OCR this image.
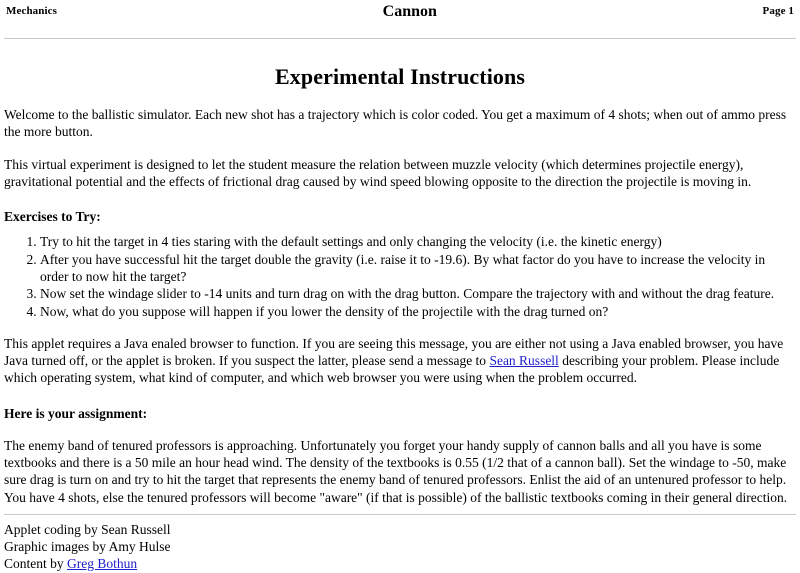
Mechanics	Cannon	Page 1
Experimental Instructions

Welcome to the ballistic simulator. Each new shot has a trajectory which is color coded. You get a maximum of 4 shots; when out of ammo press the more button.

This virtual experiment is designed to let the student measure the relation between muzzle velocity (which determines projectile energy), gravitational potential and the effects of frictional drag caused by wind speed blowing opposite to the direction the projectile is moving in.

Exercises to Try:
1. Try to hit the target in 4 ties staring with the default settings and only changing the velocity (i.e. the kinetic energy)
2. After you have successful hit the target double the gravity (i.e. raise it to -19.6). By what factor do you have to increase the velocity in order to now hit the target?
3. Now set the windage slider to -14 units and turn drag on with the drag button. Compare the trajectory with and without the drag feature.
4. Now, what do you suppose will happen if you lower the density of the projectile with the drag turned on?

This applet requires a Java enaled browser to function. If you are seeing this message, you are either not using a Java enabled browser, you have Java turned off, or the applet is broken. If you suspect the latter, please send a message to Sean Russell describing your problem. Please include which operating system, what kind of computer, and which web browser you were using when the problem occurred.

Here is your assignment:

The enemy band of tenured professors is approaching. Unfortunately you forget your handy supply of cannon balls and all you have is some textbooks and there is a 50 mile an hour head wind. The density of the textbooks is 0.55 (1/2 that of a cannon ball). Set the windage to -50, make sure drag is turn on and try to hit the target that represents the enemy band of tenured professors. Enlist the aid of an untenured professor to help. You have 4 shots, else the tenured professors will become "aware" (if that is possible) of the ballistic textbooks coming in their general direction.

Applet coding by Sean Russell
Graphic images by Amy Hulse
Content by Greg Bothun
